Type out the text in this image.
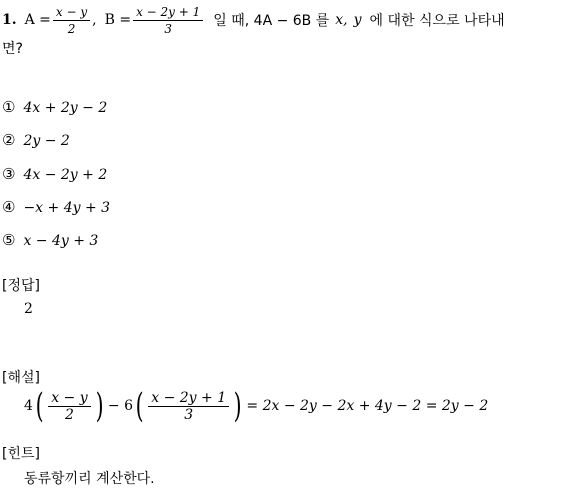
1. $A = \frac{x - y}{2}$ , $B = \frac{x - 2y + 1}{3}$ 일 때, 4A − 6B 를 x, y 에 대한 식으로 나타내
면?
① 4x + 2y − 2
② 2y − 2
③ 4x − 2y + 2
④ −x + 4y + 3
⑤ x − 4y + 3
[정답]
2
[해설]
4 ( $\frac{x - y}{2}$ ) − 6 ( $\frac{x - 2y + 1}{3}$ ) = 2x − 2y − 2x + 4y − 2 = 2y − 2
[힌트]
동류항끼리 계산한다.
